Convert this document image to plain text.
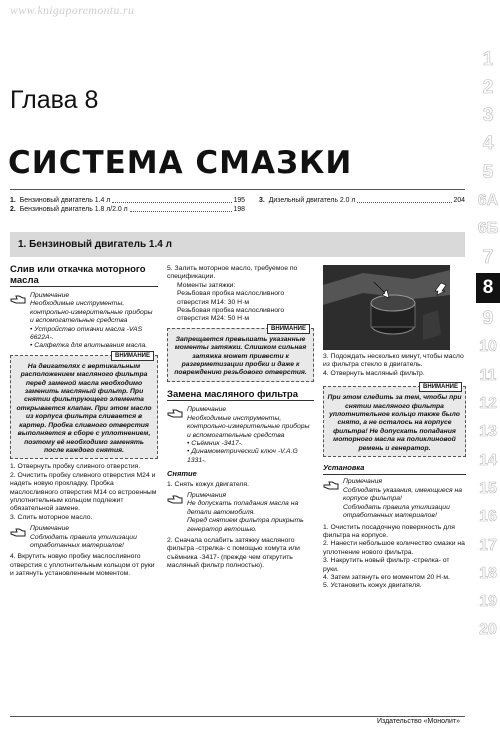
www.knigaporemontu.ru
1
2
3
4
5
6А
6Б
7
8
9
10
11
12
13
14
15
16
17
18
19
20
Глава 8
СИСТЕМА СМАЗКИ
1. Бензиновый двигатель 1.4 л	195 3. Дизельный двигатель 2.0 л	204
2. Бензиновый двигатель 1.8 л/2.0 л	198
1. Бензиновый двигатель 1.4 л
Слив или откачка моторного масла

Примечание

Необходимые инструменты, контрольно-измерительные приборы и вспомогательные средства

• Устройство откачки масла -VAS 6622А-.

• Салфетка для впитывания масла.

ВНИМАНИЕ
На двигателях с вертикальным расположением масляного фильтра перед заменой масла необходимо заменить масляный фильтр. При снятии фильтрующего элемента открывается клапан. При этом масло из корпуса фильтра сливается в картер. Пробка сливного отверстия выполняется в сборе с уплотнением, поэтому её необходимо заменять после каждого снятия.

1. Отвернуть пробку сливного отверстия.

2. Очистить пробку сливного отверстия М24 и надеть новую прокладку. Пробка маслосливного отверстия М14 со встроенным уплотнительным кольцом подлежит обязательной замене.

3. Слить моторное масло.

Примечание

Соблюдать правила утилизации отработанных материалов!

4. Вкрутить новую пробку маслосливного отверстия с уплотнительным кольцом от руки и затянуть установленным моментом.

5. Залить моторное масло, требуемое по спецификации.

Моменты затяжки:

Резьбовая пробка маслосливного отверстия М14: 30 Н·м

Резьбовая пробка маслосливного отверстия М24: 50 Н·м

ВНИМАНИЕ
Запрещается превышать указанные моменты затяжки. Слишком сильная затяжка может привести к разгерметизации пробки и даже к повреждению резьбового отверстия.
Замена масляного фильтра

Примечание

Необходимые инструменты, контрольно-измерительные приборы и вспомогательные средства

• Съёмник -3417-.

• Динамометрический ключ -V.A.G 1331-.

Снятие

1. Снять кожух двигателя.

Примечания

Не допускать попадания масла на детали автомобиля.

Перед снятием фильтра прикрыть генератор ветошью.

2. Сначала ослабить затяжку масляного фильтра -стрелка- с помощью хомута или съёмника -3417- (прежде чем открутить масляный фильтр полностью).

3. Подождать несколько минут, чтобы масло из фильтра стекло в двигатель.

4. Отвернуть масляный фильтр.

ВНИМАНИЕ
При этом следить за тем, чтобы при снятии масляного фильтра уплотнительное кольцо также было снято, а не осталось на корпусе фильтра! Не допускать попадания моторного масла на поликлиновой ремень и генератор.
Установка

Примечания

Соблюдать указания, имеющиеся на корпусе фильтра!

Соблюдать правила утилизации отработанных материалов!

1. Очистить посадочную поверхность для фильтра на корпусе.

2. Нанести небольшое количество смазки на уплотнение нового фильтра.

3. Накрутить новый фильтр -стрелка- от руки.

4. Затем затянуть его моментом 20 Н·м.

5. Установить кожух двигателя.

Издательство «Монолит»
